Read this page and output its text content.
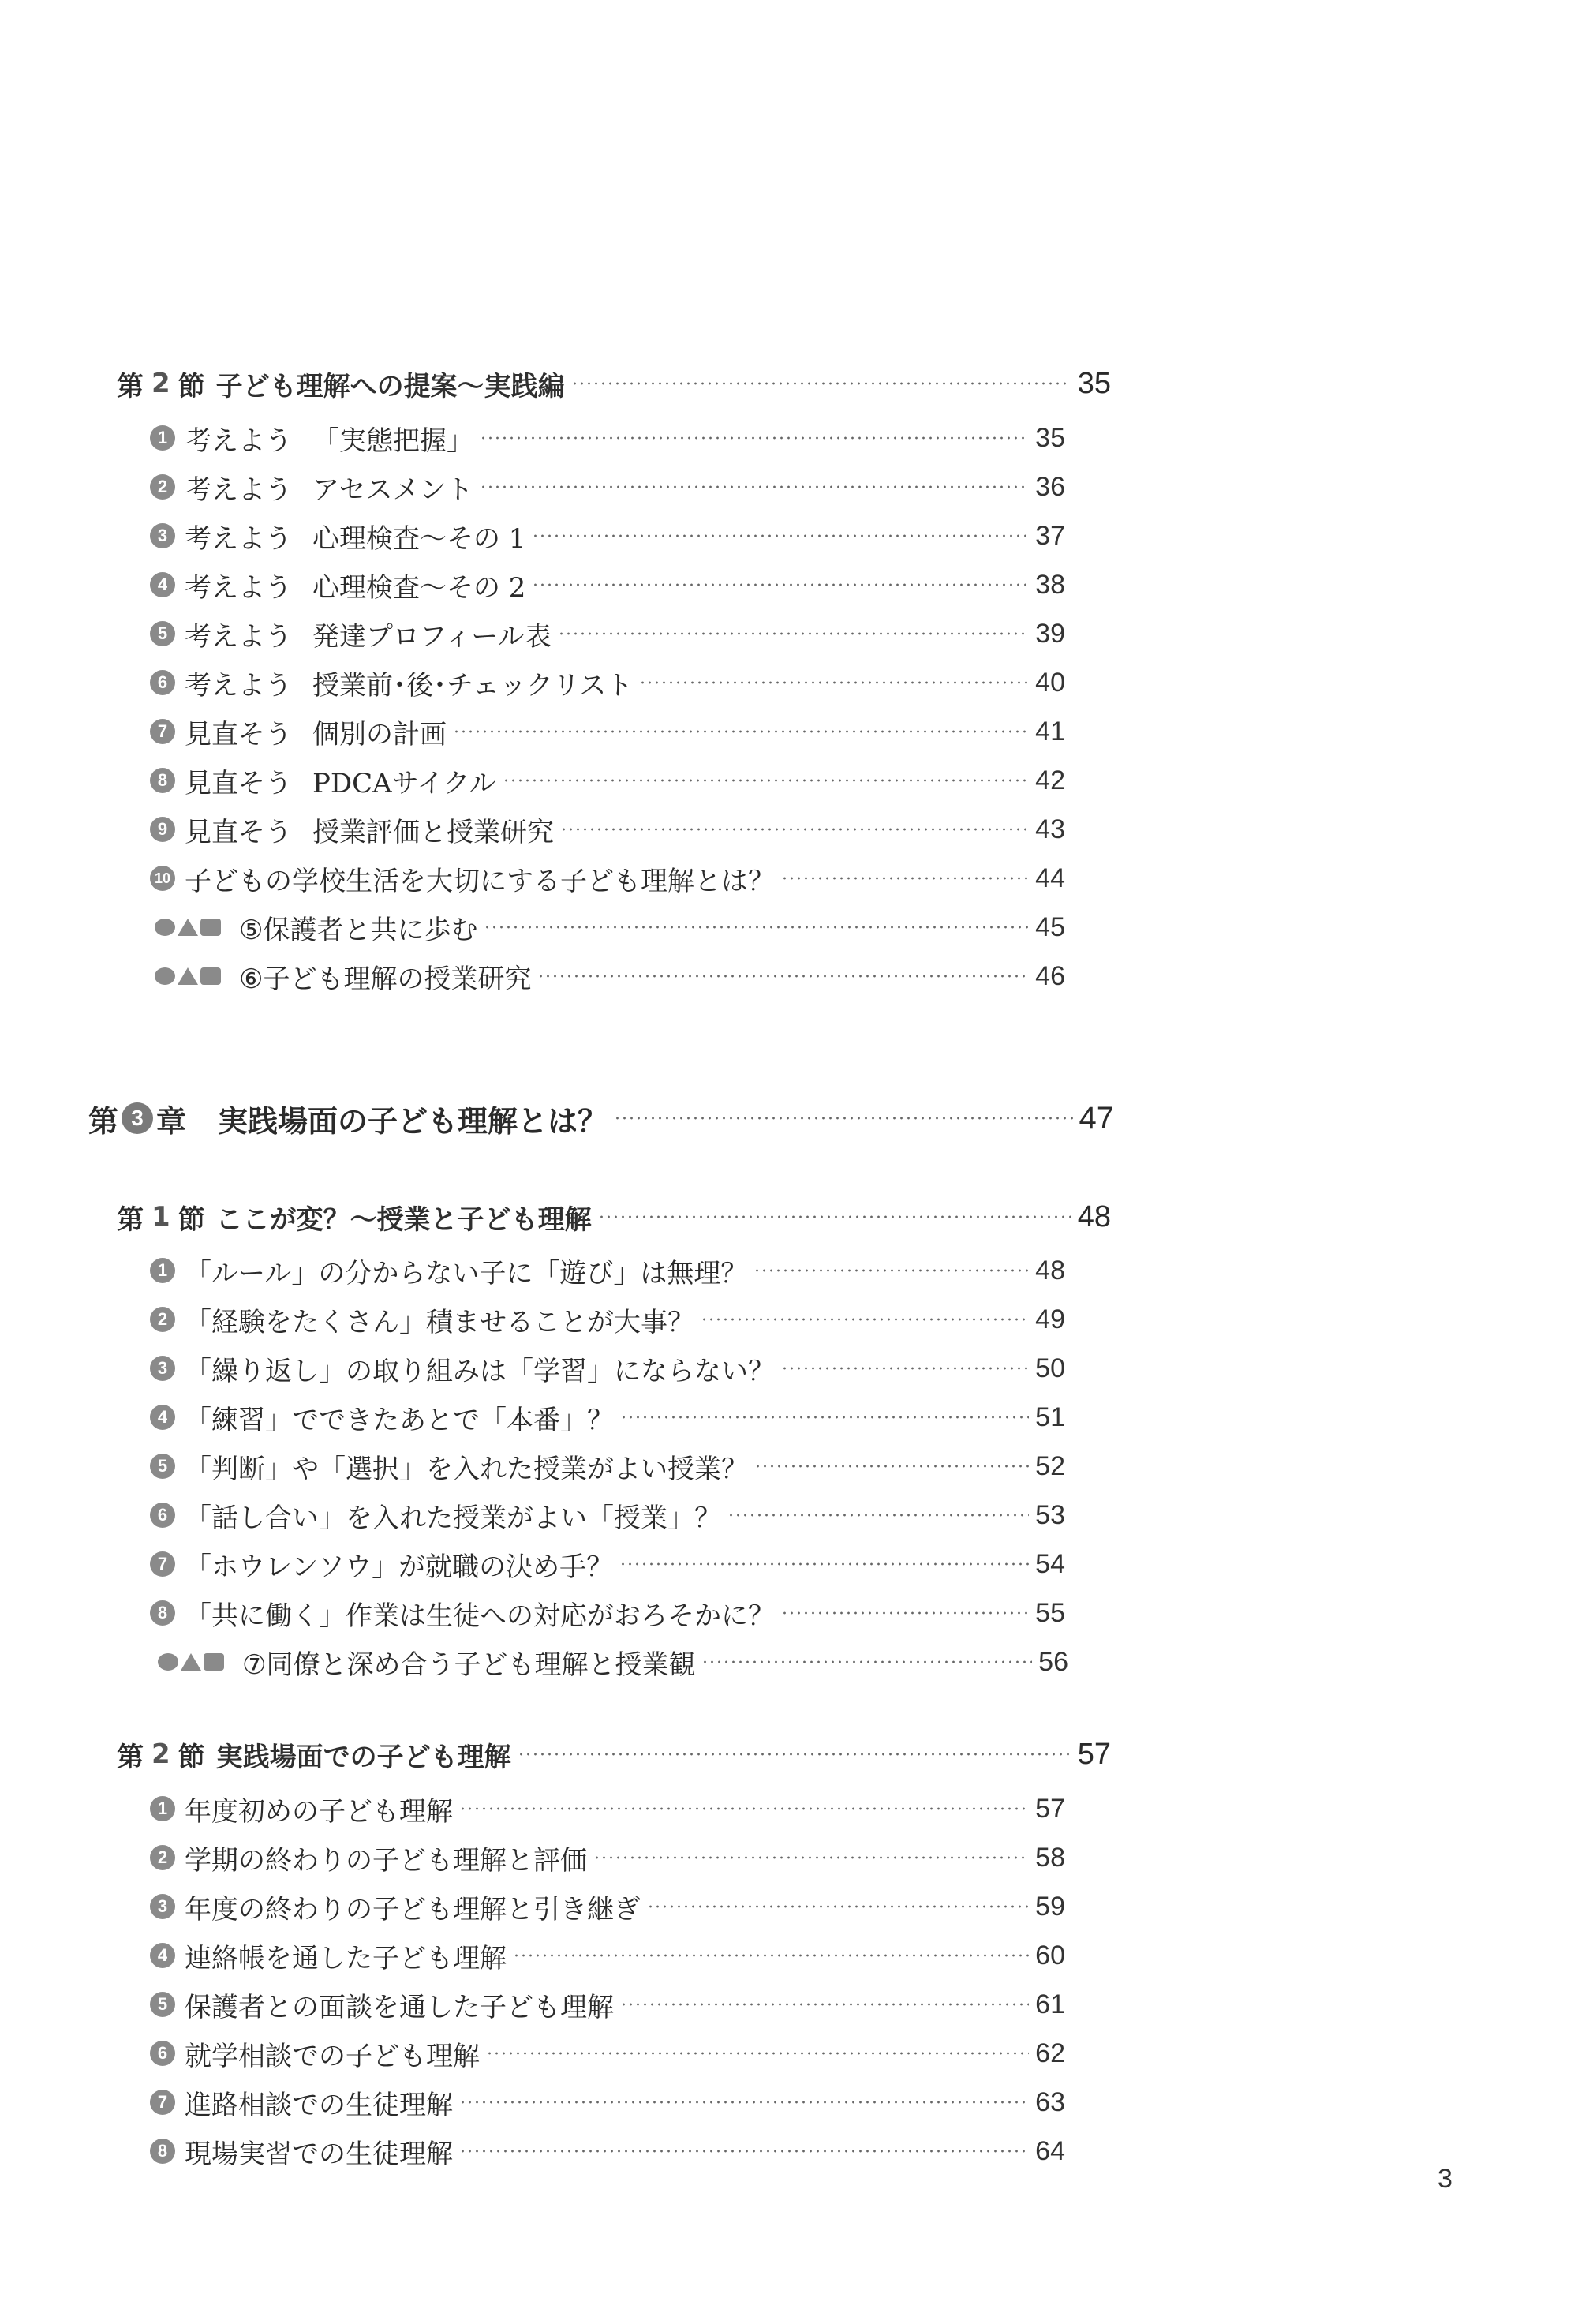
第 2 節 子ども理解への提案～実践編	35
1 考えよう 「実態把握」	35
2 考えよう アセスメント	36
3 考えよう 心理検査～その 1	37
4 考えよう 心理検査～その 2	38
5 考えよう 発達プロフィール表	39
6 考えよう 授業前･後･チェックリスト	40
7 見直そう 個別の計画	41
8 見直そう PDCAサイクル	42
9 見直そう 授業評価と授業研究	43
10 子どもの学校生活を大切にする子ども理解とは？	44
⑤保護者と共に歩む	45
⑥子ども理解の授業研究	46
第 3 章 実践場面の子ども理解とは？	47
第 1 節 ここが変？～授業と子ども理解	48
1 「ルール」の分からない子に「遊び」は無理？	48
2 「経験をたくさん」積ませることが大事？	49
3 「繰り返し」の取り組みは「学習」にならない？	50
4 「練習」でできたあとで「本番」？	51
5 「判断」や「選択」を入れた授業がよい授業？	52
6 「話し合い」を入れた授業がよい「授業」？	53
7 「ホウレンソウ」が就職の決め手？	54
8 「共に働く」作業は生徒への対応がおろそかに？	55
⑦同僚と深め合う子ども理解と授業観	56
第 2 節 実践場面での子ども理解	57
1 年度初めの子ども理解	57
2 学期の終わりの子ども理解と評価	58
3 年度の終わりの子ども理解と引き継ぎ	59
4 連絡帳を通した子ども理解	60
5 保護者との面談を通した子ども理解	61
6 就学相談での子ども理解	62
7 進路相談での生徒理解	63
8 現場実習での生徒理解	64
3
